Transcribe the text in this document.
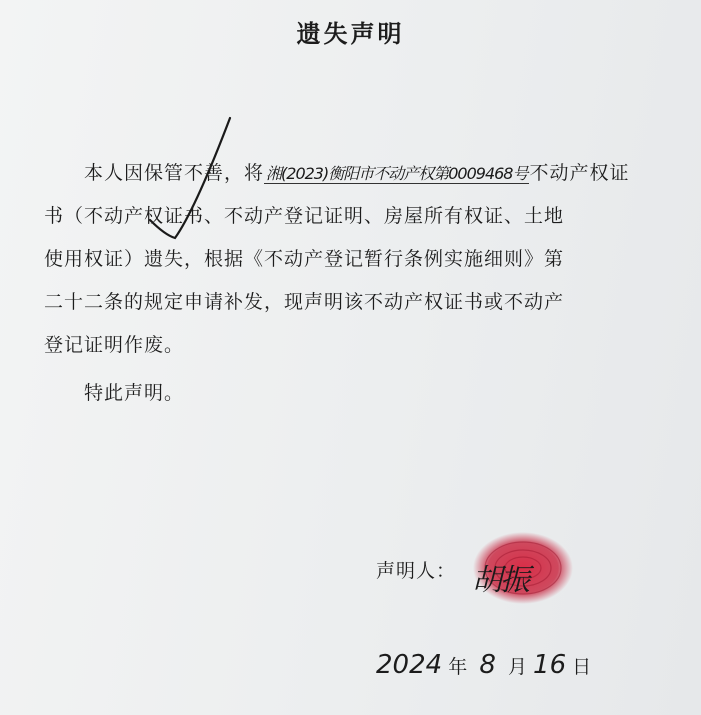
遗失声明
本人因保管不善，将 湘(2023)衡阳市不动产权第0009468号 不动产权证
书（不动产权证书、不动产登记证明、房屋所有权证、土地
使用权证）遗失，根据《不动产登记暂行条例实施细则》第
二十二条的规定申请补发，现声明该不动产权证书或不动产
登记证明作废。
特此声明。
声明人： 胡振
2024 年 8 月 16 日
